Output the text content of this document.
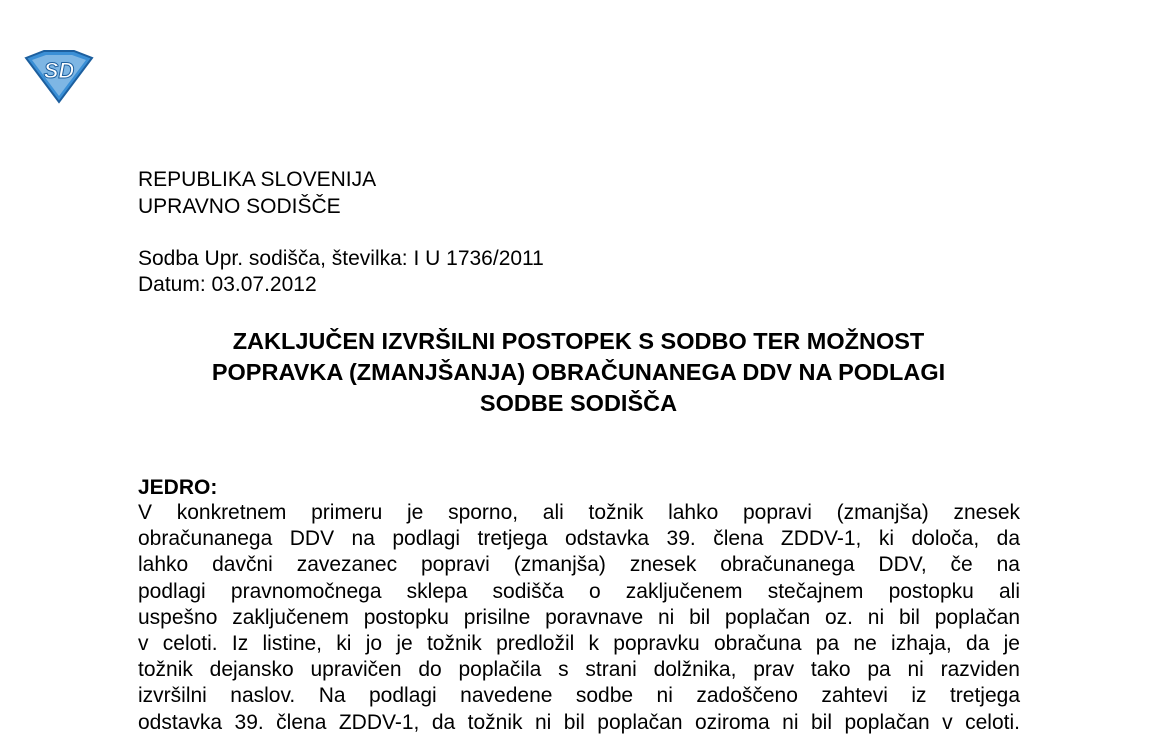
SD
REPUBLIKA SLOVENIJA
UPRAVNO SODIŠČE
Sodba Upr. sodišča, številka: I U 1736/2011
Datum: 03.07.2012
ZAKLJUČEN IZVRŠILNI POSTOPEK S SODBO TER MOŽNOST
POPRAVKA (ZMANJŠANJA) OBRAČUNANEGA DDV NA PODLAGI
SODBE SODIŠČA
JEDRO:
V konkretnem primeru je sporno, ali tožnik lahko popravi (zmanjša) znesek
obračunanega DDV na podlagi tretjega odstavka 39. člena ZDDV-1, ki določa, da
lahko davčni zavezanec popravi (zmanjša) znesek obračunanega DDV, če na
podlagi pravnomočnega sklepa sodišča o zaključenem stečajnem postopku ali
uspešno zaključenem postopku prisilne poravnave ni bil poplačan oz. ni bil poplačan
v celoti. Iz listine, ki jo je tožnik predložil k popravku obračuna pa ne izhaja, da je
tožnik dejansko upravičen do poplačila s strani dolžnika, prav tako pa ni razviden
izvršilni naslov. Na podlagi navedene sodbe ni zadoščeno zahtevi iz tretjega
odstavka 39. člena ZDDV-1, da tožnik ni bil poplačan oziroma ni bil poplačan v celoti.
